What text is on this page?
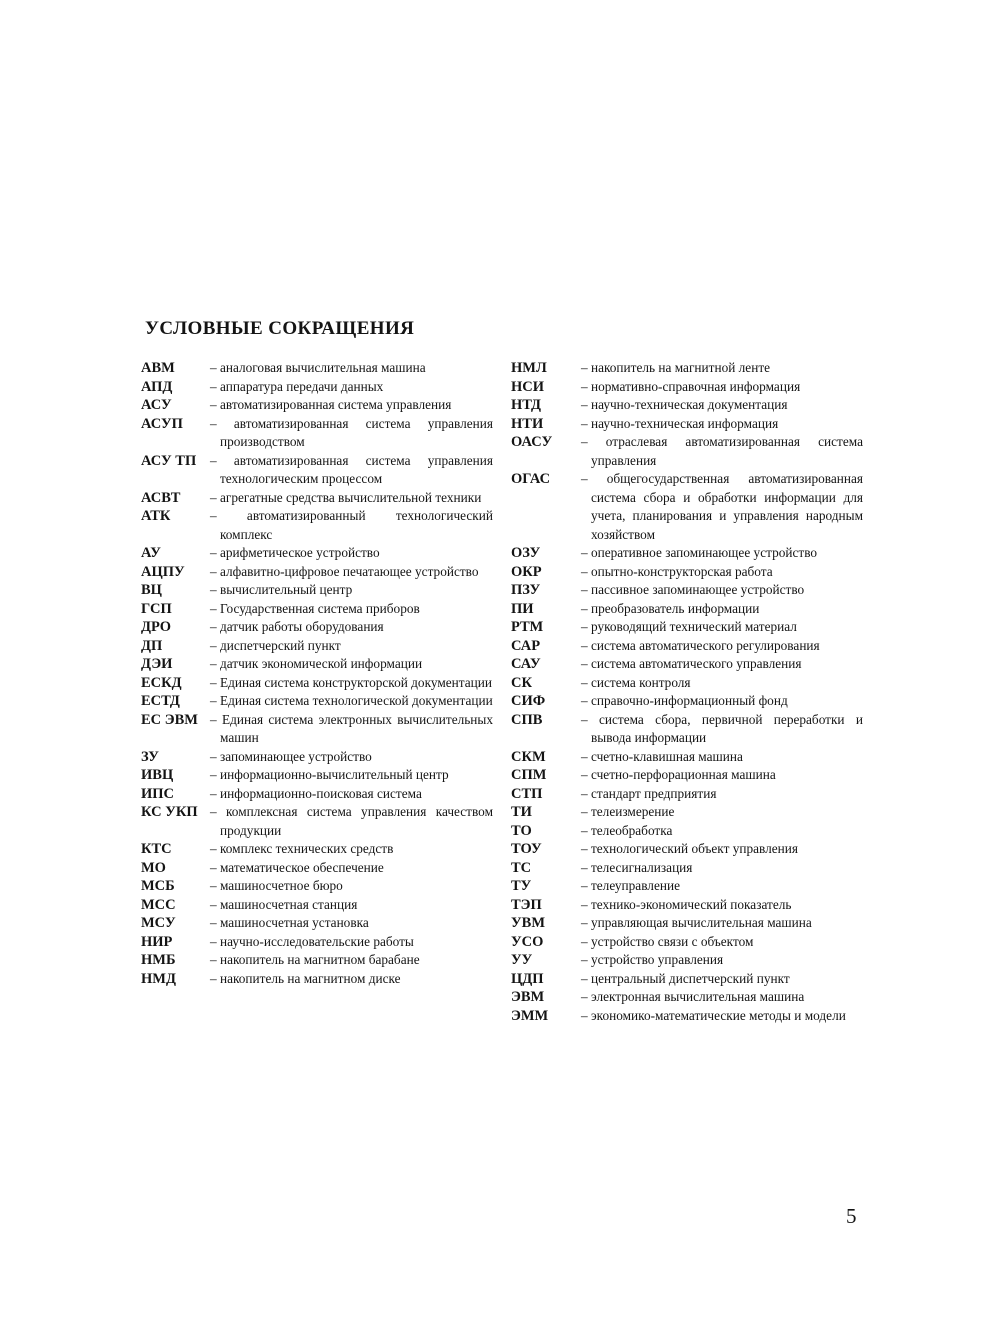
УСЛОВНЫЕ СОКРАЩЕНИЯ
АВМ	– аналоговая вычислительная машина
АПД	– аппаратура передачи данных
АСУ	– автоматизированная система управления
АСУП	– автоматизированная система управления производством
АСУ ТП	– автоматизированная система управления технологическим процессом
АСВТ	– агрегатные средства вычислительной техники
АТК	– автоматизированный технологический комплекс
АУ	– арифметическое устройство
АЦПУ	– алфавитно-цифровое печатающее устройство
ВЦ	– вычислительный центр
ГСП	– Государственная система приборов
ДРО	– датчик работы оборудования
ДП	– диспетчерский пункт
ДЭИ	– датчик экономической информации
ЕСКД	– Единая система конструкторской документации
ЕСТД	– Единая система технологической документации
ЕС ЭВМ – Единая система электронных вычислительных машин
ЗУ	– запоминающее устройство
ИВЦ	– информационно-вычислительный центр
ИПС	– информационно-поисковая система
КС УКП – комплексная система управления качеством продукции
КТС	– комплекс технических средств
МО	– математическое обеспечение
МСБ	– машиносчетное бюро
МСС	– машиносчетная станция
МСУ	– машиносчетная установка
НИР	– научно-исследовательские работы
НМБ	– накопитель на магнитном барабане
НМД	– накопитель на магнитном диске
НМЛ	– накопитель на магнитной ленте
НСИ	– нормативно-справочная информация
НТД	– научно-техническая документация
НТИ	– научно-техническая информация
ОАСУ	– отраслевая автоматизированная система управления
ОГАС	– общегосударственная автоматизированная система сбора и обработки информации для учета, планирования и управления народным хозяйством
ОЗУ	– оперативное запоминающее устройство
ОКР	– опытно-конструкторская работа
ПЗУ	– пассивное запоминающее устройство
ПИ	– преобразователь информации
РТМ	– руководящий технический материал
САР	– система автоматического регулирования
САУ	– система автоматического управления
СК	– система контроля
СИФ	– справочно-информационный фонд
СПВ	– система сбора, первичной переработки и вывода информации
СКМ	– счетно-клавишная машина
СПМ	– счетно-перфорационная машина
СТП	– стандарт предприятия
ТИ	– телеизмерение
ТО	– телеобработка
ТОУ	– технологический объект управления
ТС	– телесигнализация
ТУ	– телеуправление
ТЭП	– технико-экономический показатель
УВМ	– управляющая вычислительная машина
УСО	– устройство связи с объектом
УУ	– устройство управления
ЦДП	– центральный диспетчерский пункт
ЭВМ	– электронная вычислительная машина
ЭММ	– экономико-математические методы и модели

5
